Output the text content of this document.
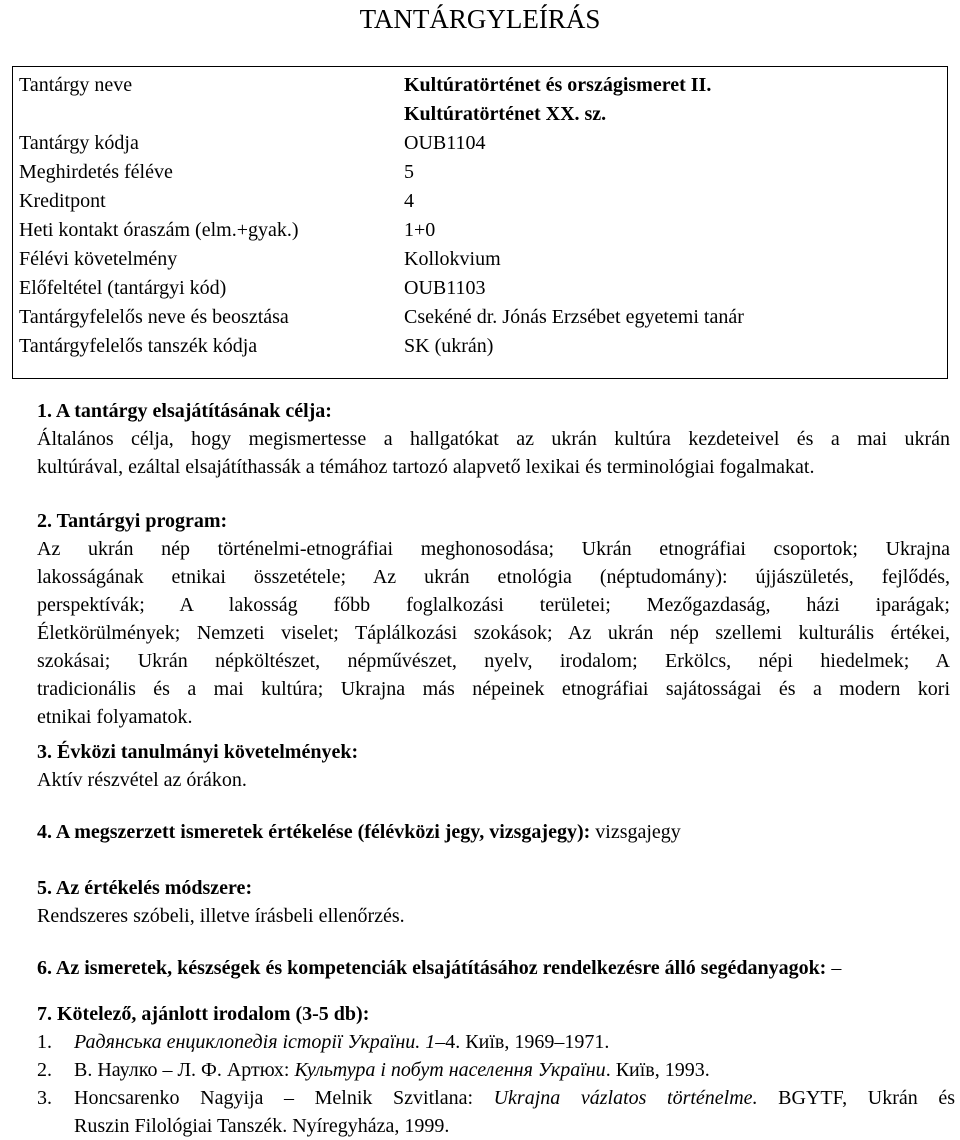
TANTÁRGYLEÍRÁS
Tantárgy neve	Kultúratörténet és országismeret II.
Kultúratörténet XX. sz.
Tantárgy kódja	OUB1104
Meghirdetés féléve	5
Kreditpont	4
Heti kontakt óraszám (elm.+gyak.)	1+0
Félévi követelmény	Kollokvium
Előfeltétel (tantárgyi kód)	OUB1103
Tantárgyfelelős neve és beosztása	Csekéné dr. Jónás Erzsébet egyetemi tanár
Tantárgyfelelős tanszék kódja	SK (ukrán)
1. A tantárgy elsajátításának célja:
Általános célja, hogy megismertesse a hallgatókat az ukrán kultúra kezdeteivel és a mai ukrán
kultúrával, ezáltal elsajátíthassák a témához tartozó alapvető lexikai és terminológiai fogalmakat.
2. Tantárgyi program:
Az ukrán nép történelmi-etnográfiai meghonosodása; Ukrán etnográfiai csoportok; Ukrajna
lakosságának etnikai összetétele; Az ukrán etnológia (néptudomány): újjászületés, fejlődés,
perspektívák; A lakosság főbb foglalkozási területei; Mezőgazdaság, házi iparágak;
Életkörülmények; Nemzeti viselet; Táplálkozási szokások; Az ukrán nép szellemi kulturális értékei,
szokásai; Ukrán népköltészet, népművészet, nyelv, irodalom; Erkölcs, népi hiedelmek; A
tradicionális és a mai kultúra; Ukrajna más népeinek etnográfiai sajátosságai és a modern kori
etnikai folyamatok.
3. Évközi tanulmányi követelmények:
Aktív részvétel az órákon.
4. A megszerzett ismeretek értékelése (félévközi jegy, vizsgajegy): vizsgajegy
5. Az értékelés módszere:
Rendszeres szóbeli, illetve írásbeli ellenőrzés.
6. Az ismeretek, készségek és kompetenciák elsajátításához rendelkezésre álló segédanyagok: –
7. Kötelező, ajánlott irodalom (3-5 db):
1. Радянська енциклопедія історії України. 1–4. Київ, 1969–1971.
2. В. Наулко – Л. Ф. Артюх: Культура і побут населення України. Київ, 1993.
3. Honcsarenko Nagyija – Melnik Szvitlana: Ukrajna vázlatos történelme. BGYTF, Ukrán és
Ruszin Filológiai Tanszék. Nyíregyháza, 1999.
